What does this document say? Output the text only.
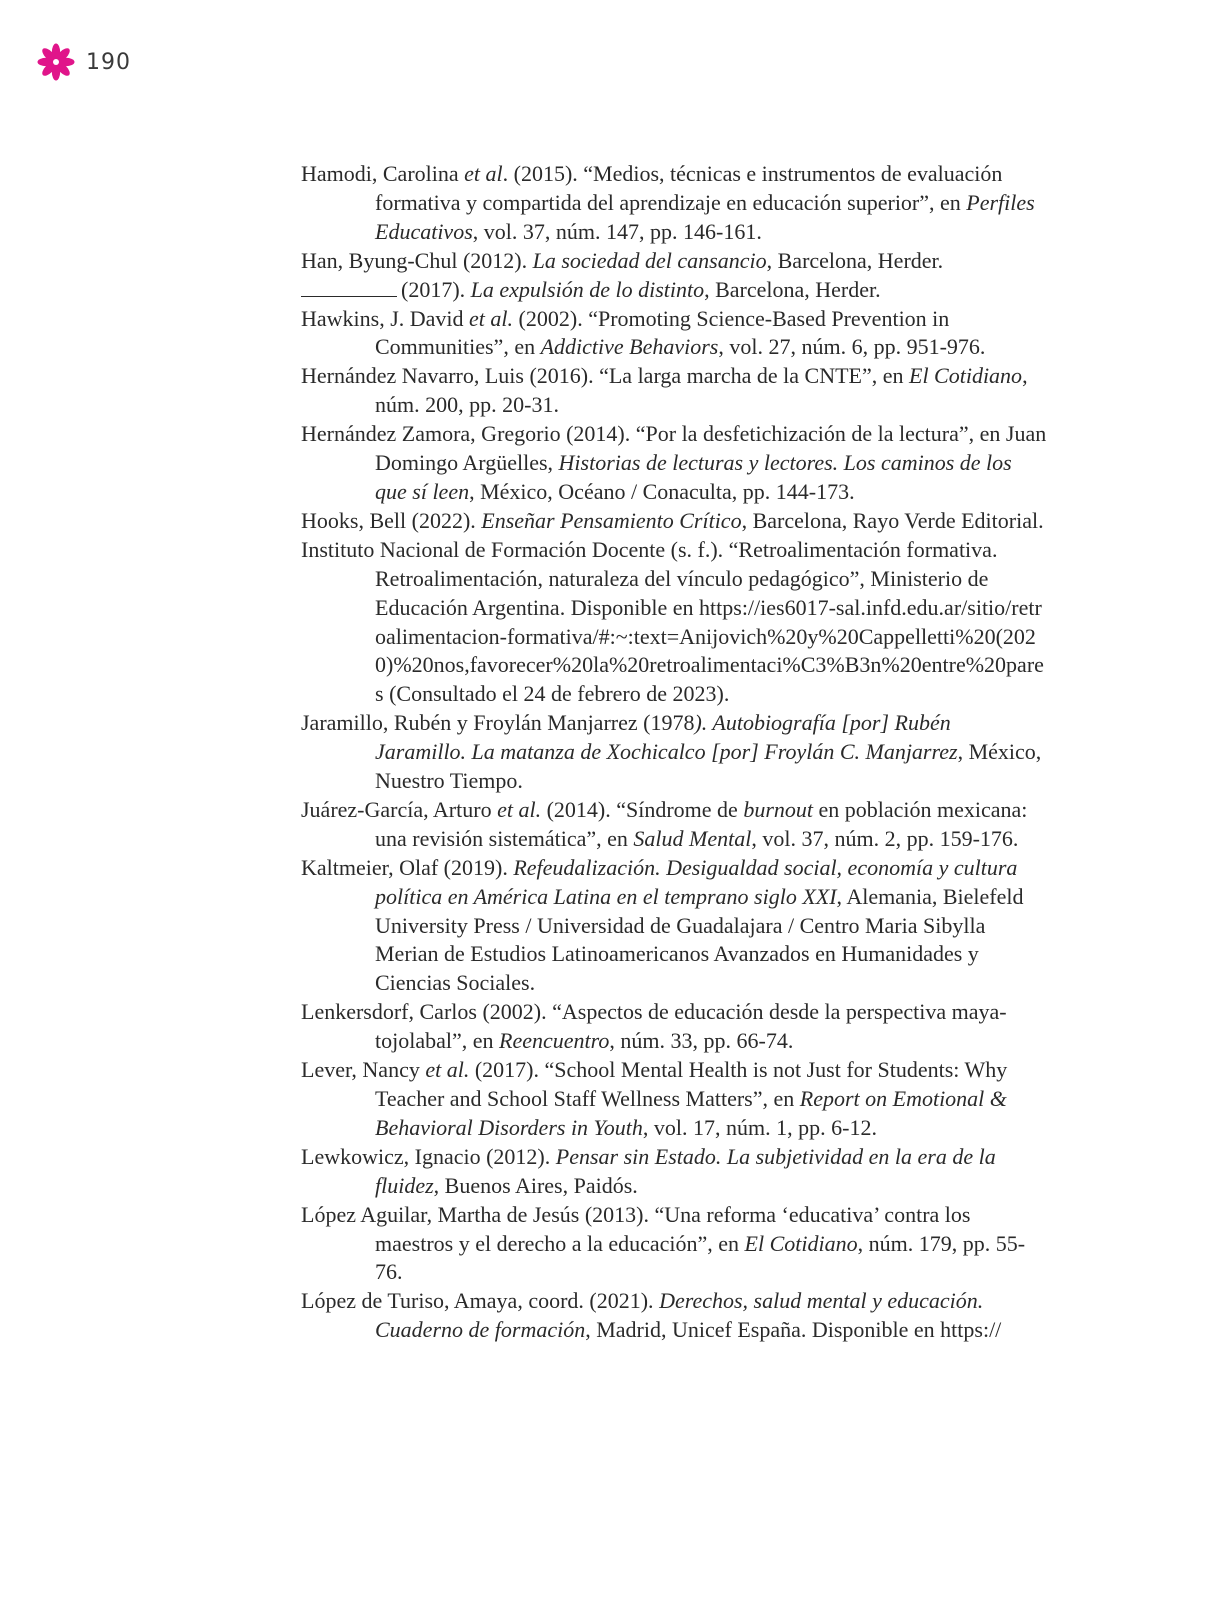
190
Hamodi, Carolina et al. (2015). “Medios, técnicas e instrumentos de evaluación formativa y compartida del aprendizaje en educación superior”, en Perfiles Educativos, vol. 37, núm. 147, pp. 146-161.
Han, Byung-Chul (2012). La sociedad del cansancio, Barcelona, Herder.
(2017). La expulsión de lo distinto, Barcelona, Herder.
Hawkins, J. David et al. (2002). “Promoting Science-Based Prevention in Communities”, en Addictive Behaviors, vol. 27, núm. 6, pp. 951-976.
Hernández Navarro, Luis (2016). “La larga marcha de la CNTE”, en El Cotidiano, núm. 200, pp. 20-31.
Hernández Zamora, Gregorio (2014). “Por la desfetichización de la lectura”, en Juan Domingo Argüelles, Historias de lecturas y lectores. Los caminos de los que sí leen, México, Océano / Conaculta, pp. 144-173.
Hooks, Bell (2022). Enseñar Pensamiento Crítico, Barcelona, Rayo Verde Editorial.
Instituto Nacional de Formación Docente (s. f.). “Retroalimentación formativa. Retroalimentación, naturaleza del vínculo pedagógico”, Ministerio de Educación Argentina. Disponible en https://ies6017-sal.infd.edu.ar/sitio/retroalimentacion-formativa/#:~:text=Anijovich%20y%20Cappelletti%20(2020)%20nos,favorecer%20la%20retroalimentaci%C3%B3n%20entre%20pares (Consultado el 24 de febrero de 2023).
Jaramillo, Rubén y Froylán Manjarrez (1978). Autobiografía [por] Rubén Jaramillo. La matanza de Xochicalco [por] Froylán C. Manjarrez, México, Nuestro Tiempo.
Juárez-García, Arturo et al. (2014). “Síndrome de burnout en población mexicana: una revisión sistemática”, en Salud Mental, vol. 37, núm. 2, pp. 159-176.
Kaltmeier, Olaf (2019). Refeudalización. Desigualdad social, economía y cultura política en América Latina en el temprano siglo XXI, Alemania, Bielefeld University Press / Universidad de Guadalajara / Centro Maria Sibylla Merian de Estudios Latinoamericanos Avanzados en Humanidades y Ciencias Sociales.
Lenkersdorf, Carlos (2002). “Aspectos de educación desde la perspectiva maya-tojolabal”, en Reencuentro, núm. 33, pp. 66-74.
Lever, Nancy et al. (2017). “School Mental Health is not Just for Students: Why Teacher and School Staff Wellness Matters”, en Report on Emotional & Behavioral Disorders in Youth, vol. 17, núm. 1, pp. 6-12.
Lewkowicz, Ignacio (2012). Pensar sin Estado. La subjetividad en la era de la fluidez, Buenos Aires, Paidós.
López Aguilar, Martha de Jesús (2013). “Una reforma ‘educativa’ contra los maestros y el derecho a la educación”, en El Cotidiano, núm. 179, pp. 55-76.
López de Turiso, Amaya, coord. (2021). Derechos, salud mental y educación. Cuaderno de formación, Madrid, Unicef España. Disponible en https://
